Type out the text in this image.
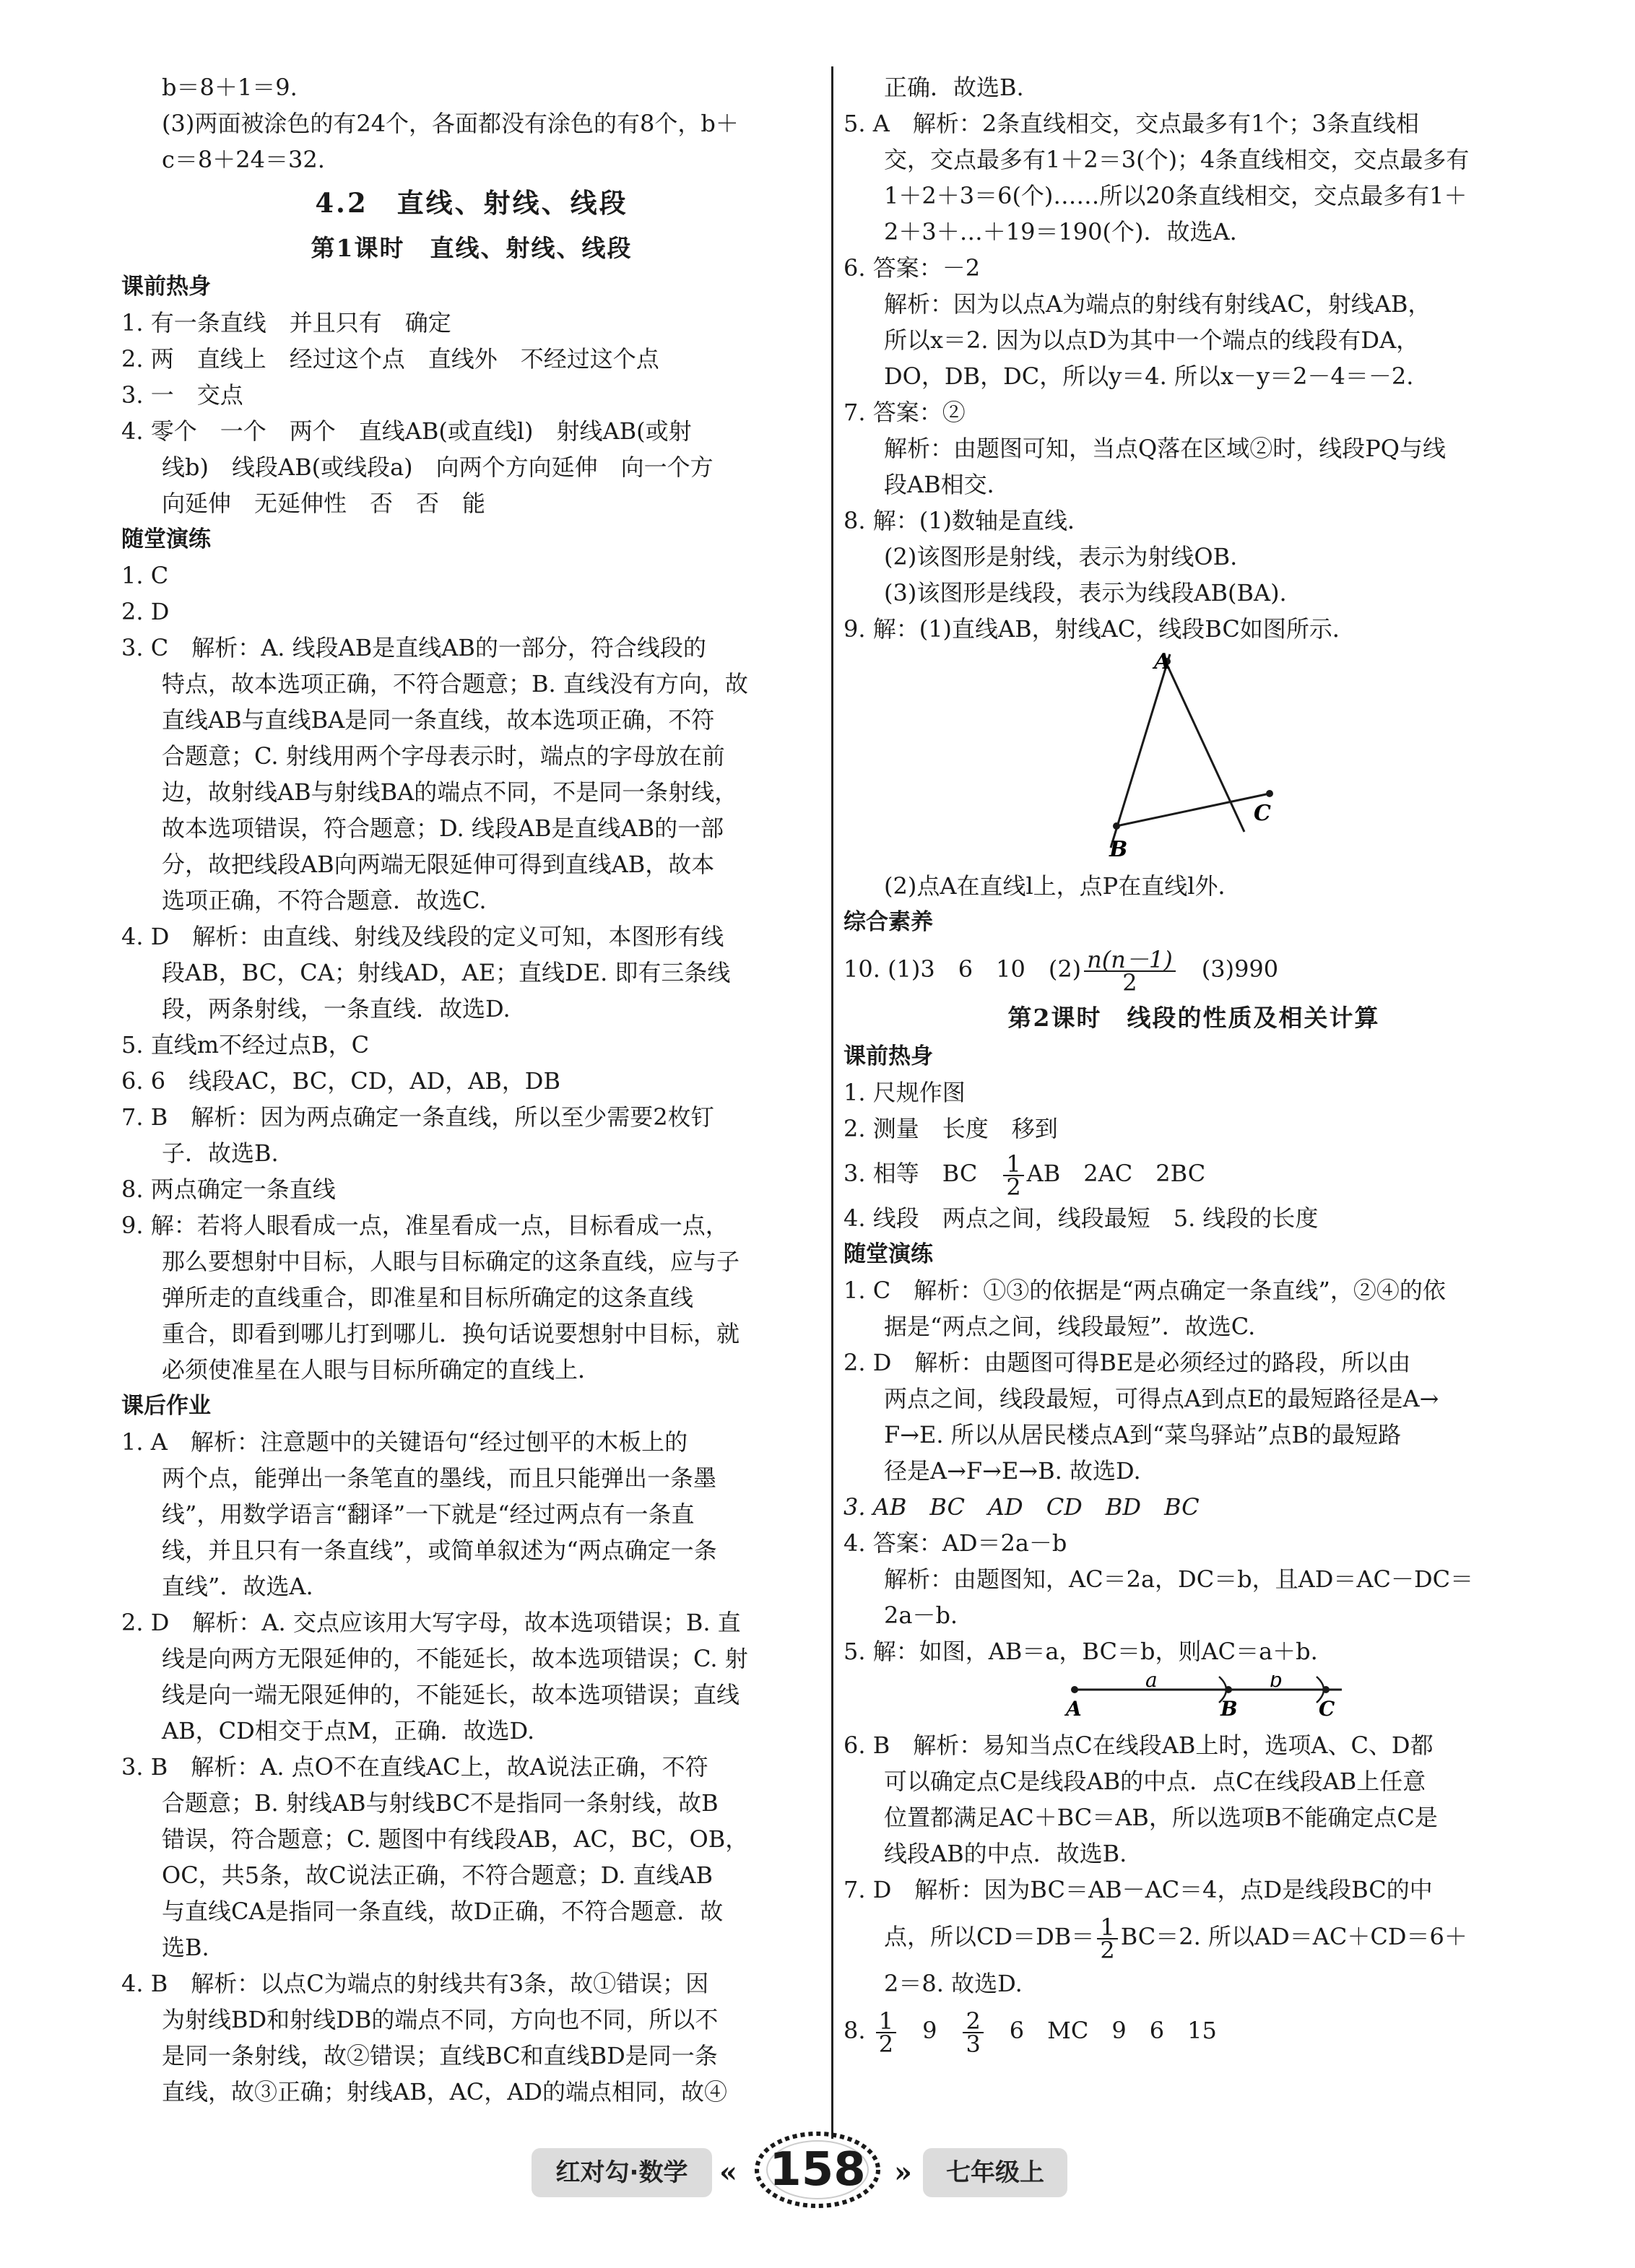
b＝8＋1＝9.

(3)两面被涂色的有24个，各面都没有涂色的有8个，b＋

c＝8＋24＝32.

4.2　直线、射线、线段

第1课时　直线、射线、线段

课前热身

1. 有一条直线　并且只有　确定

2. 两　直线上　经过这个点　直线外　不经过这个点

3. 一　交点

4. 零个　一个　两个　直线AB(或直线l)　射线AB(或射

线b)　线段AB(或线段a)　向两个方向延伸　向一个方

向延伸　无延伸性　否　否　能

随堂演练

1. C

2. D

3. C　解析：A. 线段AB是直线AB的一部分，符合线段的

特点，故本选项正确，不符合题意；B. 直线没有方向，故

直线AB与直线BA是同一条直线，故本选项正确，不符

合题意；C. 射线用两个字母表示时，端点的字母放在前

边，故射线AB与射线BA的端点不同，不是同一条射线，

故本选项错误，符合题意；D. 线段AB是直线AB的一部

分，故把线段AB向两端无限延伸可得到直线AB，故本

选项正确，不符合题意．故选C.

4. D　解析：由直线、射线及线段的定义可知，本图形有线

段AB，BC，CA；射线AD，AE；直线DE. 即有三条线

段，两条射线，一条直线．故选D.

5. 直线m不经过点B，C

6. 6　线段AC，BC，CD，AD，AB，DB

7. B　解析：因为两点确定一条直线，所以至少需要2枚钉

子．故选B.

8. 两点确定一条直线

9. 解：若将人眼看成一点，准星看成一点，目标看成一点，

那么要想射中目标，人眼与目标确定的这条直线，应与子

弹所走的直线重合，即准星和目标所确定的这条直线

重合，即看到哪儿打到哪儿．换句话说要想射中目标，就

必须使准星在人眼与目标所确定的直线上．

课后作业

1. A　解析：注意题中的关键语句“经过刨平的木板上的

两个点，能弹出一条笔直的墨线，而且只能弹出一条墨

线”，用数学语言“翻译”一下就是“经过两点有一条直

线，并且只有一条直线”，或简单叙述为“两点确定一条

直线”．故选A.

2. D　解析：A. 交点应该用大写字母，故本选项错误；B. 直

线是向两方无限延伸的，不能延长，故本选项错误；C. 射

线是向一端无限延伸的，不能延长，故本选项错误；直线

AB，CD相交于点M，正确．故选D.

3. B　解析：A. 点O不在直线AC上，故A说法正确，不符

合题意；B. 射线AB与射线BC不是指同一条射线，故B

错误，符合题意；C. 题图中有线段AB，AC，BC，OB，

OC，共5条，故C说法正确，不符合题意；D. 直线AB

与直线CA是指同一条直线，故D正确，不符合题意．故

选B.

4. B　解析：以点C为端点的射线共有3条，故①错误；因

为射线BD和射线DB的端点不同，方向也不同，所以不

是同一条射线，故②错误；直线BC和直线BD是同一条

直线，故③正确；射线AB，AC，AD的端点相同，故④

正确．故选B.

5. A　解析：2条直线相交，交点最多有1个；3条直线相

交，交点最多有1＋2＝3(个)；4条直线相交，交点最多有

1＋2＋3＝6(个)……所以20条直线相交，交点最多有1＋

2＋3＋…＋19＝190(个)．故选A.

6. 答案：－2

解析：因为以点A为端点的射线有射线AC，射线AB，

所以x＝2. 因为以点D为其中一个端点的线段有DA，

DO，DB，DC，所以y＝4. 所以x－y＝2－4＝－2.

7. 答案：②

解析：由题图可知，当点Q落在区域②时，线段PQ与线

段AB相交．

8. 解：(1)数轴是直线．

(2)该图形是射线，表示为射线OB.

(3)该图形是线段，表示为线段AB(BA).

9. 解：(1)直线AB，射线AC，线段BC如图所示．

A
B
C

(2)点A在直线l上，点P在直线l外．

综合素养

10. (1)3　6　10　$(2) \frac{n(n-1)}{2}$ 　(3)990

第2课时　线段的性质及相关计算

课前热身

1. 尺规作图

2. 测量　长度　移到

3. 相等　BC　 $\frac{1}{2}$ AB　2AC　2BC

4. 线段　两点之间，线段最短　5. 线段的长度

随堂演练

1. C　解析：①③的依据是“两点确定一条直线”，②④的依

据是“两点之间，线段最短”．故选C.

2. D　解析：由题图可得BE是必须经过的路段，所以由

两点之间，线段最短，可得点A到点E的最短路径是A→

F→E. 所以从居民楼点A到“菜鸟驿站”点B的最短路

径是A→F→E→B. 故选D.

3. AB　BC　AD　CD　BD　BC

4. 答案：AD＝2a－b

解析：由题图知，AC＝2a，DC＝b，且AD＝AC－DC＝

2a－b.

5. 解：如图，AB＝a，BC＝b，则AC＝a＋b.

a	b
A	B	C

6. B　解析：易知当点C在线段AB上时，选项A、C、D都

可以确定点C是线段AB的中点．点C在线段AB上任意

位置都满足AC＋BC＝AB，所以选项B不能确定点C是

线段AB的中点．故选B.

7. D　解析：因为BC＝AB－AC＝4，点D是线段BC的中

点，所以$CD=DB= \frac{1}{2} BC=2$. 所以AD＝AC＋CD＝6＋

2＝8. 故选D.

8. $\frac{1}{2}$ 　9　 $\frac{2}{3}$ 　6　MC　9　6　15

红对勾·数学	« 158 »	七年级上
